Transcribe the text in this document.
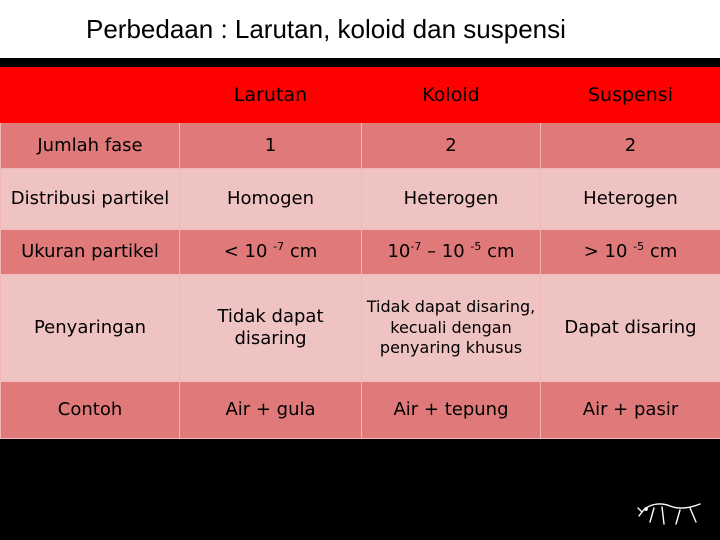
Perbedaan : Larutan, koloid dan suspensi
	Larutan	Koloid	Suspensi
Jumlah fase	1	2	2
Distribusi partikel	Homogen	Heterogen	Heterogen
Ukuran partikel	< 10 $^{-7}$ cm	$10^{-7} - 10$ $^{-5}$ cm	> 10 $^{-5}$ cm
Penyaringan	Tidak dapat disaring	Tidak dapat disaring, kecuali dengan penyaring khusus	Dapat disaring
Contoh	Air + gula	Air + tepung	Air + pasir
